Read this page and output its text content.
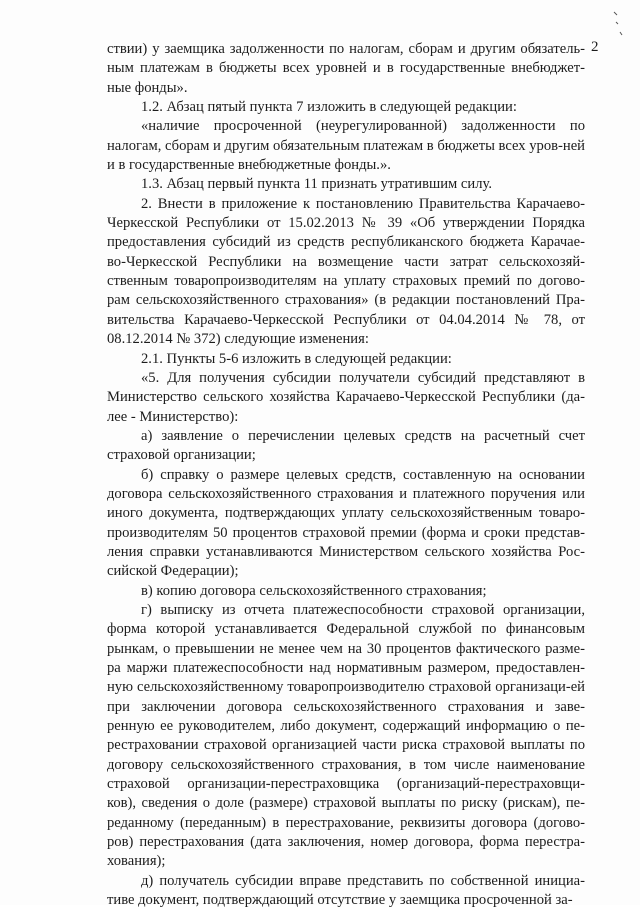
2

ствии) у заемщика задолженности по налогам, сборам и другим обязатель-ным платежам в бюджеты всех уровней и в государственные внебюджет-ные фонды».

1.2. Абзац пятый пункта 7 изложить в следующей редакции:

«наличие просроченной (неурегулированной) задолженности по налогам, сборам и другим обязательным платежам в бюджеты всех уров-ней и в государственные внебюджетные фонды.».

1.3. Абзац первый пункта 11 признать утратившим силу.

2. Внести в приложение к постановлению Правительства Карачаево-Черкесской Республики от 15.02.2013 № 39 «Об утверждении Порядка предоставления субсидий из средств республиканского бюджета Карачае-во-Черкесской Республики на возмещение части затрат сельскохозяй-ственным товаропроизводителям на уплату страховых премий по догово-рам сельскохозяйственного страхования» (в редакции постановлений Пра-вительства Карачаево-Черкесской Республики от 04.04.2014 № 78, от 08.12.2014 № 372) следующие изменения:

2.1. Пункты 5-6 изложить в следующей редакции:

«5. Для получения субсидии получатели субсидий представляют в Министерство сельского хозяйства Карачаево-Черкесской Республики (да-лее - Министерство):

а) заявление о перечислении целевых средств на расчетный счет страховой организации;

б) справку о размере целевых средств, составленную на основании договора сельскохозяйственного страхования и платежного поручения или иного документа, подтверждающих уплату сельскохозяйственным товаро-производителям 50 процентов страховой премии (форма и сроки представ-ления справки устанавливаются Министерством сельского хозяйства Рос-сийской Федерации);

в) копию договора сельскохозяйственного страхования;

г) выписку из отчета платежеспособности страховой организации, форма которой устанавливается Федеральной службой по финансовым рынкам, о превышении не менее чем на 30 процентов фактического разме-ра маржи платежеспособности над нормативным размером, предоставлен-ную сельскохозяйственному товаропроизводителю страховой организаци-ей при заключении договора сельскохозяйственного страхования и заве-ренную ее руководителем, либо документ, содержащий информацию о пе-рестраховании страховой организацией части риска страховой выплаты по договору сельскохозяйственного страхования, в том числе наименование страховой организации-перестраховщика (организаций-перестраховщи-ков), сведения о доле (размере) страховой выплаты по риску (рискам), пе-реданному (переданным) в перестрахование, реквизиты договора (догово-ров) перестрахования (дата заключения, номер договора, форма перестра-хования);

д) получатель субсидии вправе представить по собственной инициа-тиве документ, подтверждающий отсутствие у заемщика просроченной за-
